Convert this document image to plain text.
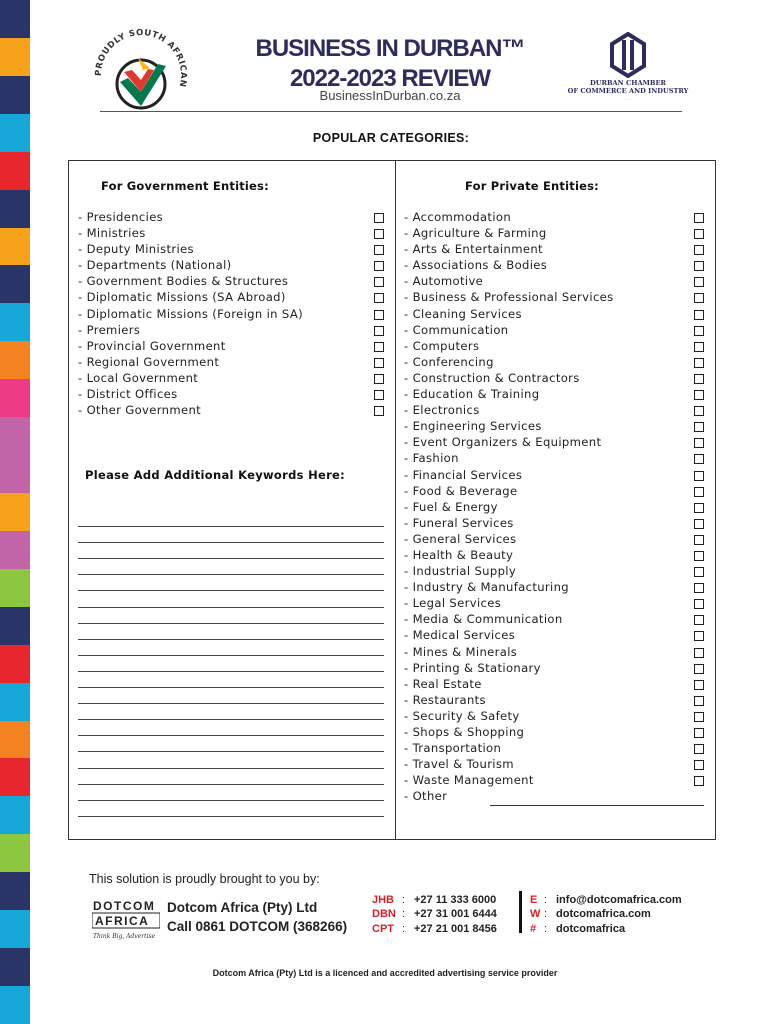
PROUDLY SOUTH AFRICAN
BUSINESS IN DURBAN™
2022-2023 REVIEW
BusinessInDurban.co.za
DURBAN CHAMBER
OF COMMERCE AND INDUSTRY
_ _ _
POPULAR CATEGORIES:
For Government Entities:	For Private Entities:
- Presidencies
- Ministries
- Deputy Ministries
- Departments (National)
- Government Bodies & Structures
- Diplomatic Missions (SA Abroad)
- Diplomatic Missions (Foreign in SA)
- Premiers
- Provincial Government
- Regional Government
- Local Government
- District Offices
- Other Government
- Accommodation
- Agriculture & Farming
- Arts & Entertainment
- Associations & Bodies
- Automotive
- Business & Professional Services
- Cleaning Services
- Communication
- Computers
- Conferencing
- Construction & Contractors
- Education & Training
- Electronics
- Engineering Services
- Event Organizers & Equipment
- Fashion
- Financial Services
- Food & Beverage
- Fuel & Energy
- Funeral Services
- General Services
- Health & Beauty
- Industrial Supply
- Industry & Manufacturing
- Legal Services
- Media & Communication
- Medical Services
- Mines & Minerals
- Printing & Stationary
- Real Estate
- Restaurants
- Security & Safety
- Shops & Shopping
- Transportation
- Travel & Tourism
- Waste Management
- Other
Please Add Additional Keywords Here:
This solution is proudly brought to you by:
DOTCOM
AFRICA
Think Big, Advertise
Dotcom Africa (Pty) Ltd
Call 0861 DOTCOM (368266)
JHB : +27 11 333 6000
DBN : +27 31 001 6444
CPT : +27 21 001 8456
E : info@dotcomafrica.com
W : dotcomafrica.com
# : dotcomafrica
Dotcom Africa (Pty) Ltd is a licenced and accredited advertising service provider
